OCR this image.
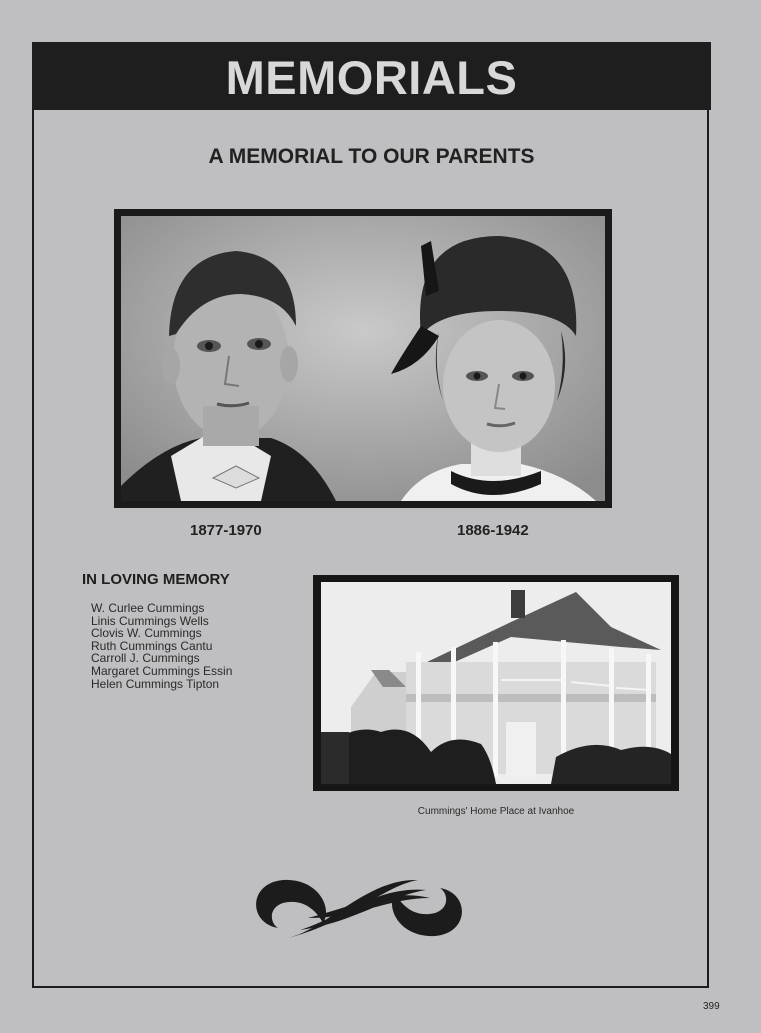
MEMORIALS
A MEMORIAL TO OUR PARENTS
1877-1970	1886-1942
IN LOVING MEMORY
W. Curlee Cummings
Linis Cummings Wells
Clovis W. Cummings
Ruth Cummings Cantu
Carroll J. Cummings
Margaret Cummings Essin
Helen Cummings Tipton
Cummings' Home Place at Ivanhoe
399
